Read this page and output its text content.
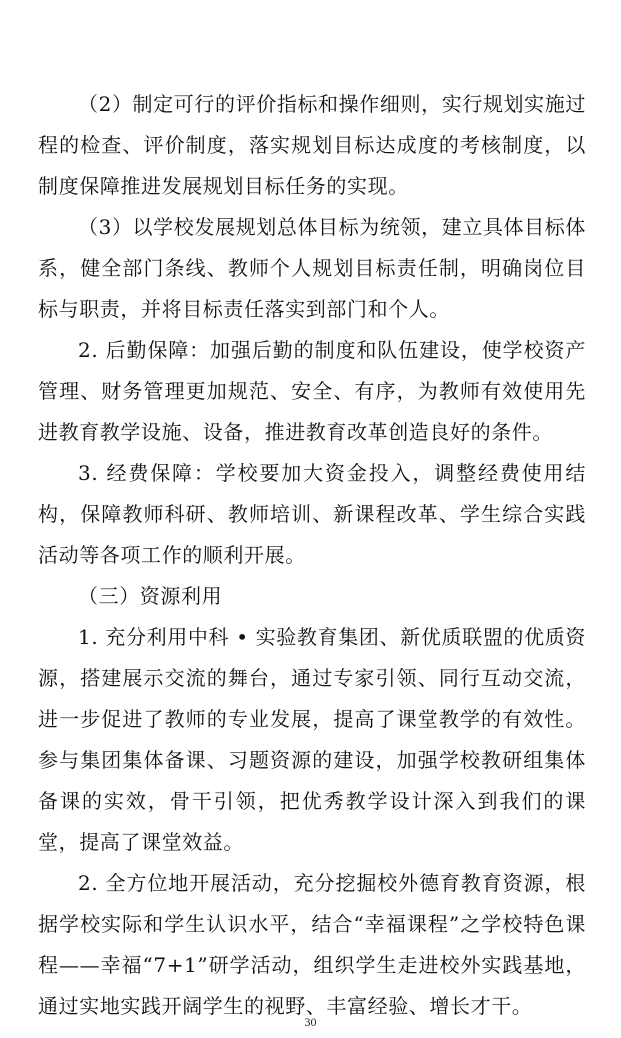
（2）制定可行的评价指标和操作细则，实行规划实施过程的检查、评价制度，落实规划目标达成度的考核制度，以制度保障推进发展规划目标任务的实现。

（3）以学校发展规划总体目标为统领，建立具体目标体系，健全部门条线、教师个人规划目标责任制，明确岗位目标与职责，并将目标责任落实到部门和个人。

2. 后勤保障：加强后勤的制度和队伍建设，使学校资产管理、财务管理更加规范、安全、有序，为教师有效使用先进教育教学设施、设备，推进教育改革创造良好的条件。

3. 经费保障：学校要加大资金投入，调整经费使用结构，保障教师科研、教师培训、新课程改革、学生综合实践活动等各项工作的顺利开展。

（三）资源利用

1. 充分利用中科 • 实验教育集团、新优质联盟的优质资源，搭建展示交流的舞台，通过专家引领、同行互动交流，进一步促进了教师的专业发展，提高了课堂教学的有效性。参与集团集体备课、习题资源的建设，加强学校教研组集体备课的实效，骨干引领，把优秀教学设计深入到我们的课堂，提高了课堂效益。

2. 全方位地开展活动，充分挖掘校外德育教育资源，根据学校实际和学生认识水平，结合“幸福课程”之学校特色课程——幸福“7+1”研学活动，组织学生走进校外实践基地，通过实地实践开阔学生的视野、丰富经验、增长才干。

30
